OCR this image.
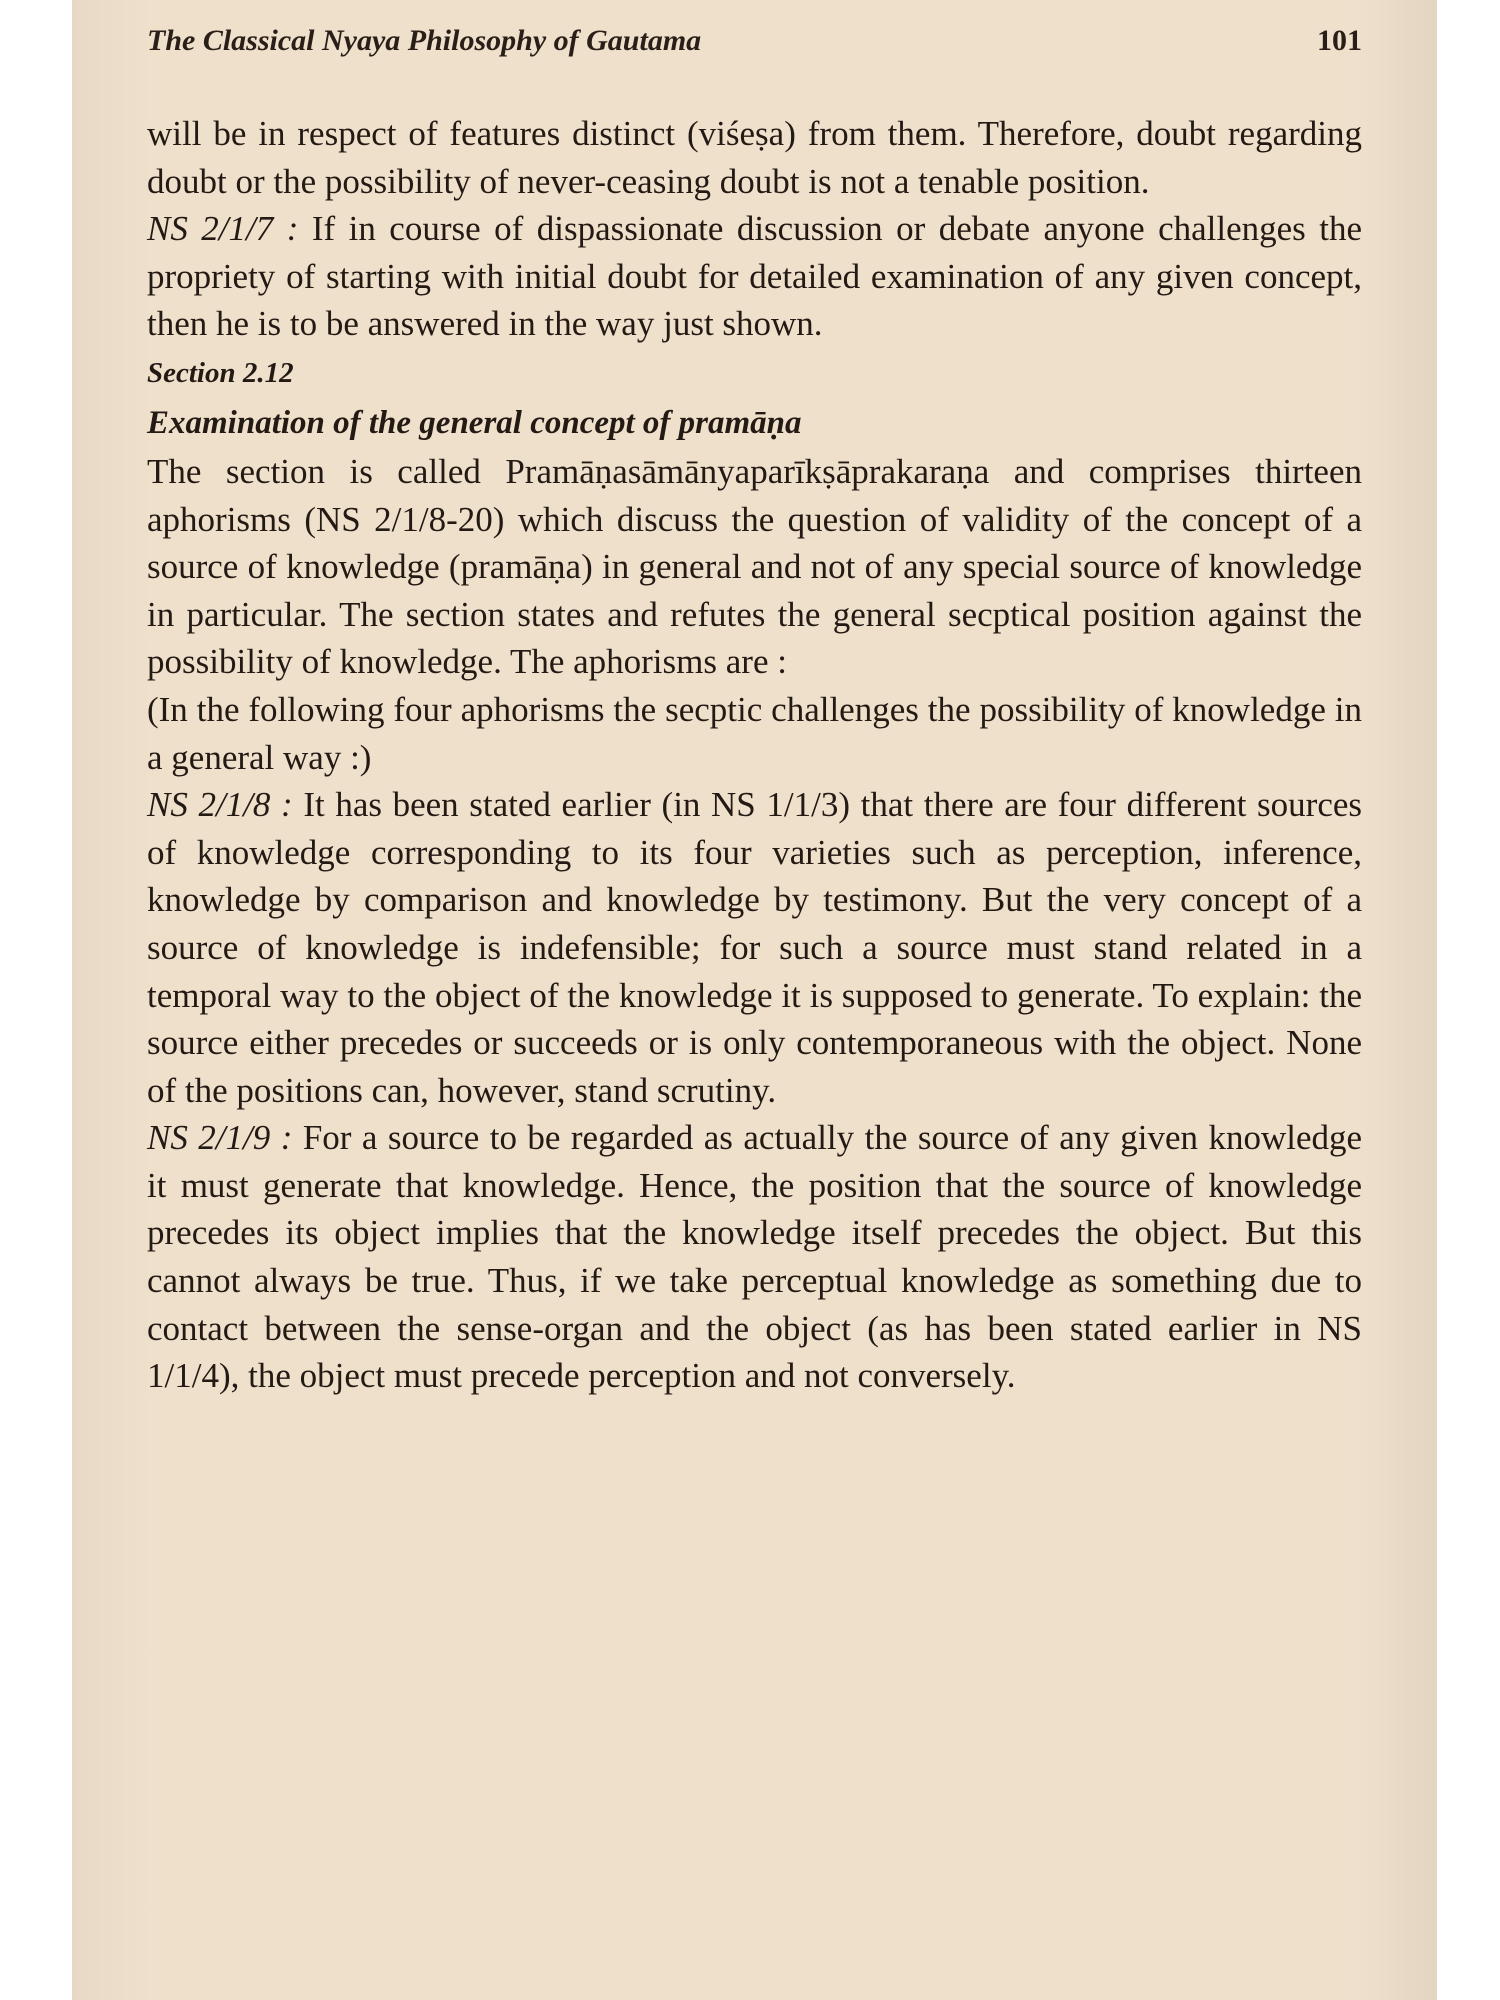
The Classical Nyaya Philosophy of Gautama	101

will be in respect of features distinct (viśeṣa) from them. Therefore, doubt regarding doubt or the possibility of never-ceasing doubt is not a tenable position.

NS 2/1/7 : If in course of dispassionate discussion or debate anyone challenges the propriety of starting with initial doubt for detailed examination of any given concept, then he is to be answered in the way just shown.

Section 2.12

Examination of the general concept of pramāṇa

The section is called Pramāṇasāmānyaparīkṣāprakaraṇa and comprises thirteen aphorisms (NS 2/1/8-20) which discuss the question of validity of the concept of a source of knowledge (pramāṇa) in general and not of any special source of knowledge in particular. The section states and refutes the general secptical position against the possibility of knowledge. The aphorisms are :

(In the following four aphorisms the secptic challenges the possibility of knowledge in a general way :)

NS 2/1/8 : It has been stated earlier (in NS 1/1/3) that there are four different sources of knowledge corresponding to its four varieties such as perception, inference, knowledge by comparison and knowledge by testimony. But the very concept of a source of knowledge is indefensible; for such a source must stand related in a temporal way to the object of the knowledge it is supposed to generate. To explain: the source either precedes or succeeds or is only contemporaneous with the object. None of the positions can, however, stand scrutiny.

NS 2/1/9 : For a source to be regarded as actually the source of any given knowledge it must generate that knowledge. Hence, the position that the source of knowledge precedes its object implies that the knowledge itself precedes the object. But this cannot always be true. Thus, if we take perceptual knowledge as something due to contact between the sense-organ and the object (as has been stated earlier in NS 1/1/4), the object must precede perception and not conversely.
